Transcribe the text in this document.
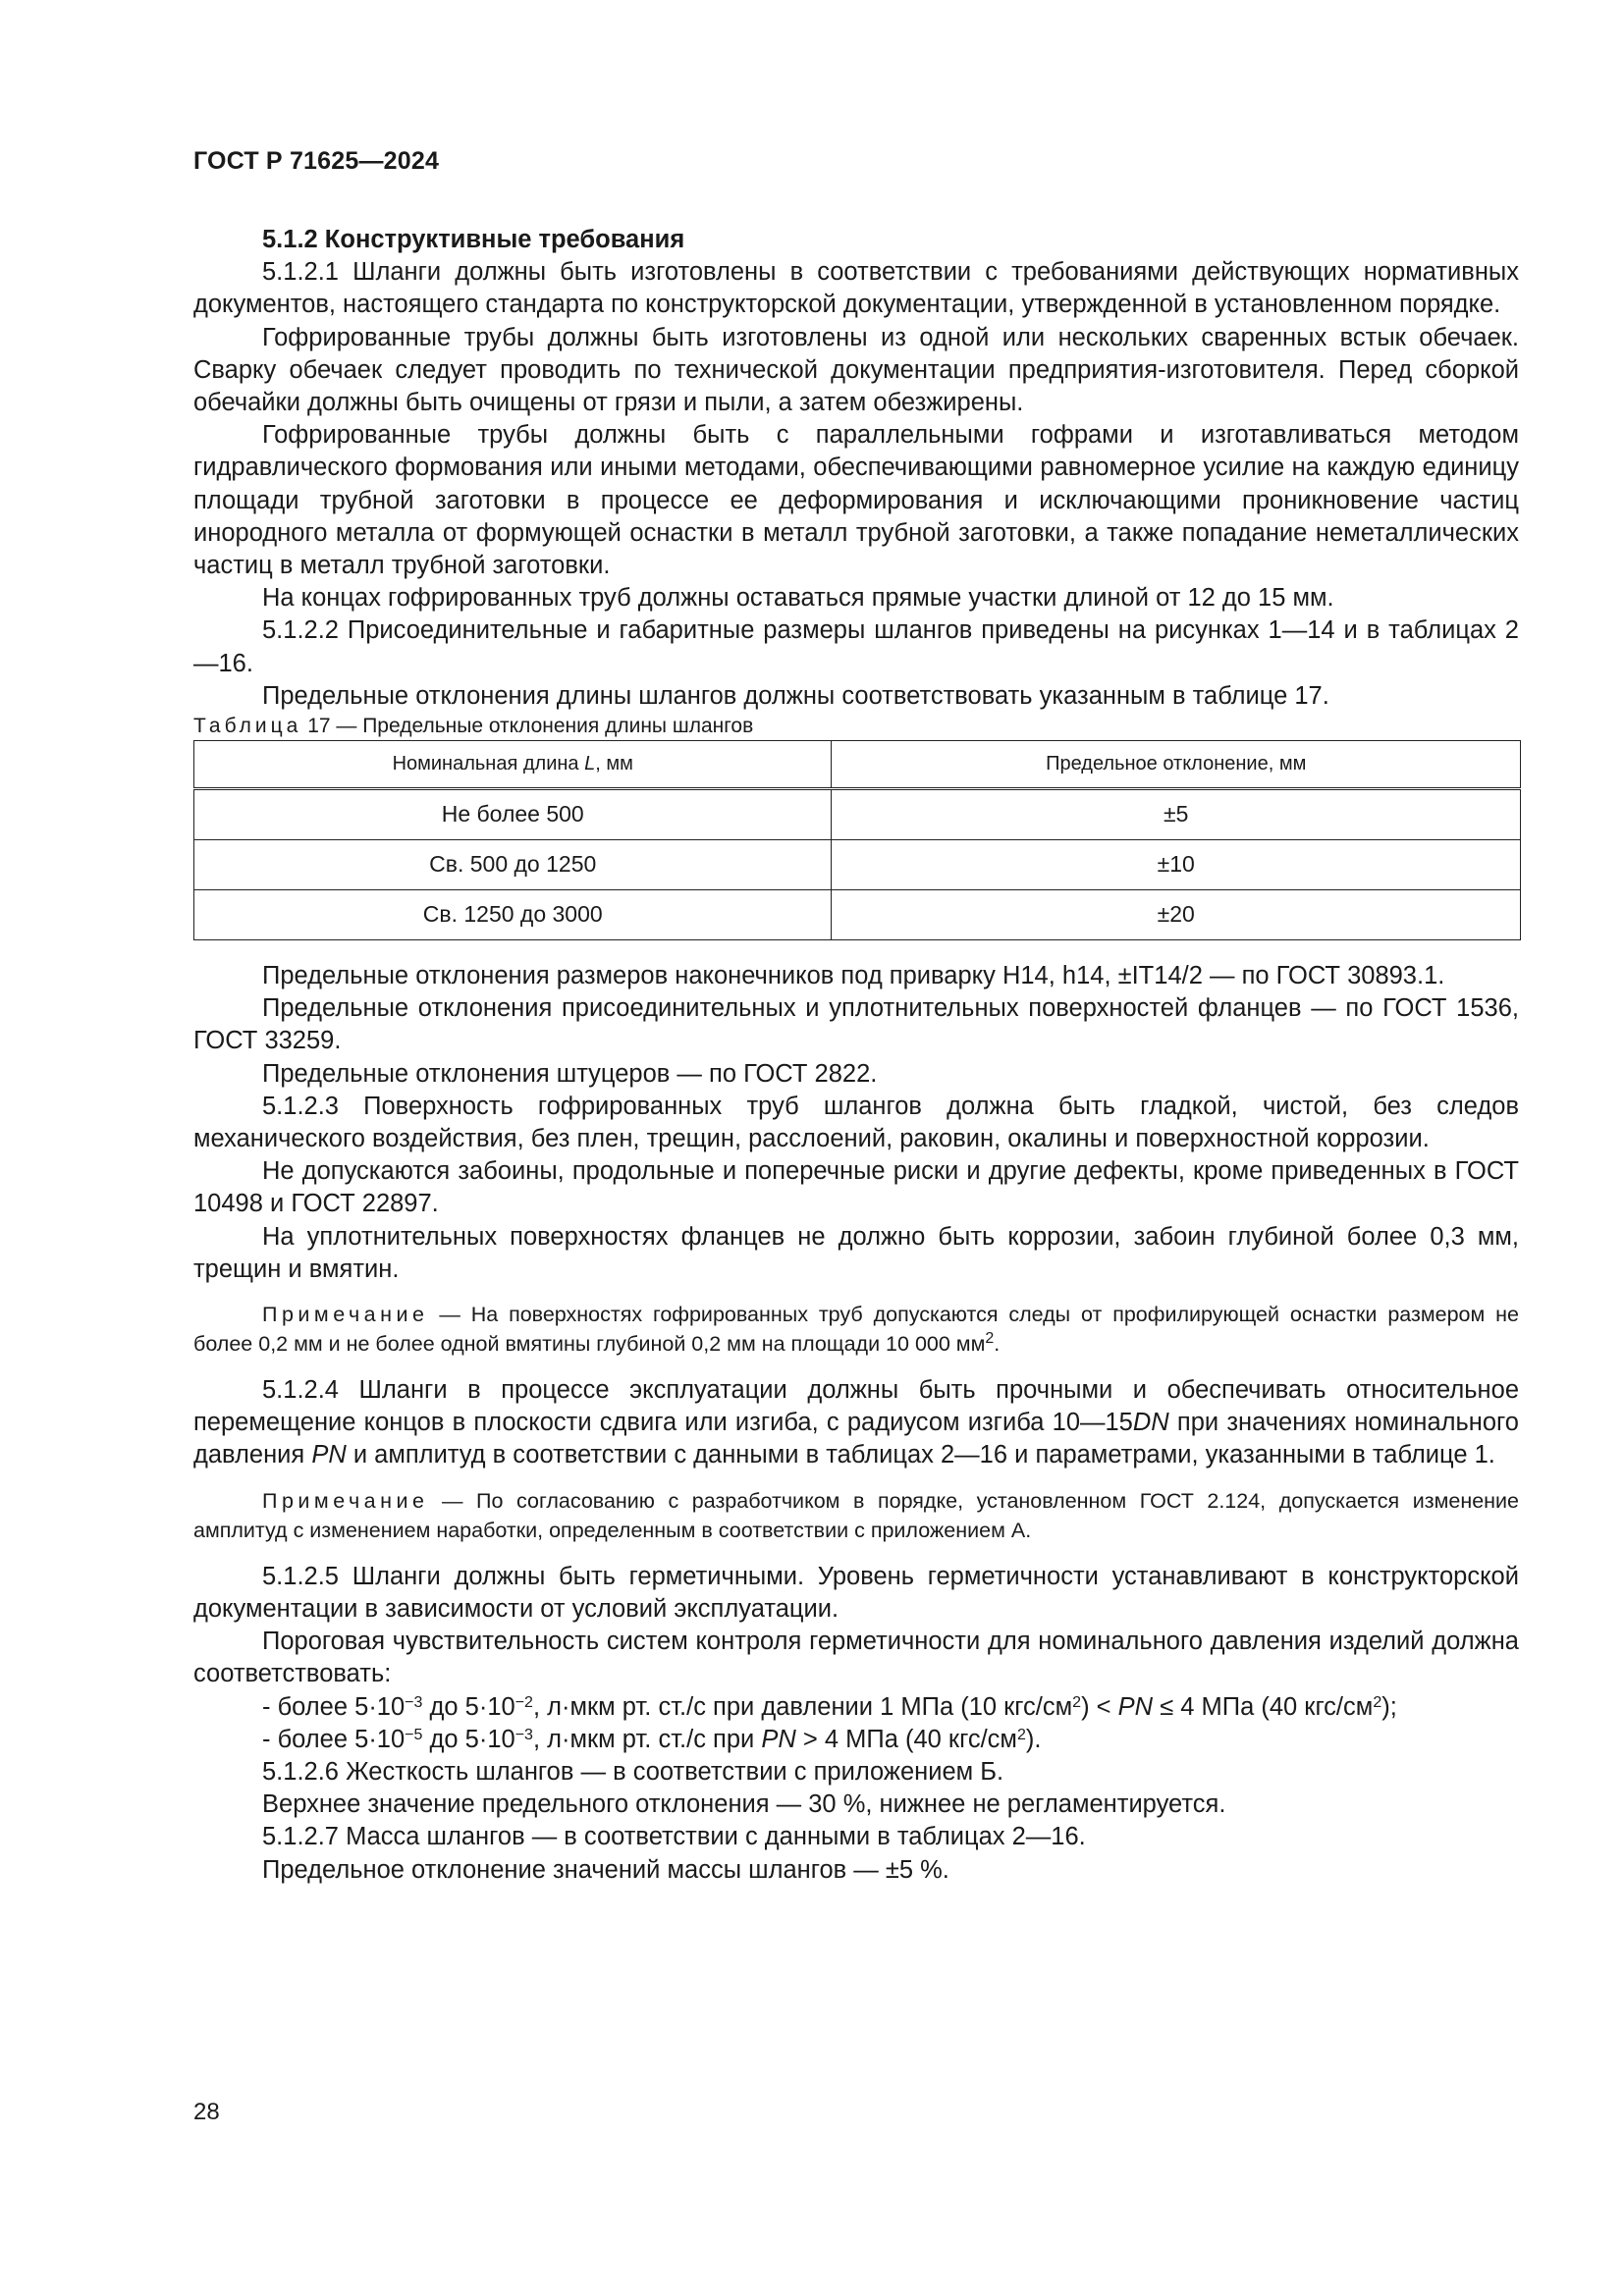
ГОСТ Р 71625—2024

5.1.2 Конструктивные требования

5.1.2.1 Шланги должны быть изготовлены в соответствии с требованиями действующих нормативных документов, настоящего стандарта по конструкторской документации, утвержденной в установленном порядке.

Гофрированные трубы должны быть изготовлены из одной или нескольких сваренных встык обечаек. Сварку обечаек следует проводить по технической документации предприятия-изготовителя. Перед сборкой обечайки должны быть очищены от грязи и пыли, а затем обезжирены.

Гофрированные трубы должны быть с параллельными гофрами и изготавливаться методом гидравлического формования или иными методами, обеспечивающими равномерное усилие на каждую единицу площади трубной заготовки в процессе ее деформирования и исключающими проникновение частиц инородного металла от формующей оснастки в металл трубной заготовки, а также попадание неметаллических частиц в металл трубной заготовки.

На концах гофрированных труб должны оставаться прямые участки длиной от 12 до 15 мм.

5.1.2.2 Присоединительные и габаритные размеры шлангов приведены на рисунках 1—14 и в таблицах 2—16.

Предельные отклонения длины шлангов должны соответствовать указанным в таблице 17.

Таблица 17 — Предельные отклонения длины шлангов

Номинальная длина L, мм	Предельное отклонение, мм
Не более 500	±5
Св. 500 до 1250	±10
Св. 1250 до 3000	±20

Предельные отклонения размеров наконечников под приварку H14, h14, ±IT14/2 — по ГОСТ 30893.1.

Предельные отклонения присоединительных и уплотнительных поверхностей фланцев — по ГОСТ 1536, ГОСТ 33259.

Предельные отклонения штуцеров — по ГОСТ 2822.

5.1.2.3 Поверхность гофрированных труб шлангов должна быть гладкой, чистой, без следов механического воздействия, без плен, трещин, расслоений, раковин, окалины и поверхностной коррозии.

Не допускаются забоины, продольные и поперечные риски и другие дефекты, кроме приведенных в ГОСТ 10498 и ГОСТ 22897.

На уплотнительных поверхностях фланцев не должно быть коррозии, забоин глубиной более 0,3 мм, трещин и вмятин.

Примечание — На поверхностях гофрированных труб допускаются следы от профилирующей оснастки размером не более 0,2 мм и не более одной вмятины глубиной 0,2 мм на площади 10 000 $мм^2$.

5.1.2.4 Шланги в процессе эксплуатации должны быть прочными и обеспечивать относительное перемещение концов в плоскости сдвига или изгиба, с радиусом изгиба 10—15DN при значениях номинального давления PN и амплитуд в соответствии с данными в таблицах 2—16 и параметрами, указанными в таблице 1.

Примечание — По согласованию с разработчиком в порядке, установленном ГОСТ 2.124, допускается изменение амплитуд с изменением наработки, определенным в соответствии с приложением А.

5.1.2.5 Шланги должны быть герметичными. Уровень герметичности устанавливают в конструкторской документации в зависимости от условий эксплуатации.

Пороговая чувствительность систем контроля герметичности для номинального давления изделий должна соответствовать:

- более $5\cdot 10^{-3}$ до $5\cdot 10^{-2}$, л·мкм рт. ст./с при давлении 1 МПа (10 кгс/$см^2$) < PN ≤ 4 МПа (40 кгс/$см^2$);

- более $5\cdot 10^{-5}$ до $5\cdot 10^{-3}$, л·мкм рт. ст./с при PN > 4 МПа (40 кгс/$см^2$).

5.1.2.6 Жесткость шлангов — в соответствии с приложением Б.

Верхнее значение предельного отклонения — 30 %, нижнее не регламентируется.

5.1.2.7 Масса шлангов — в соответствии с данными в таблицах 2—16.

Предельное отклонение значений массы шлангов — ±5 %.

28
